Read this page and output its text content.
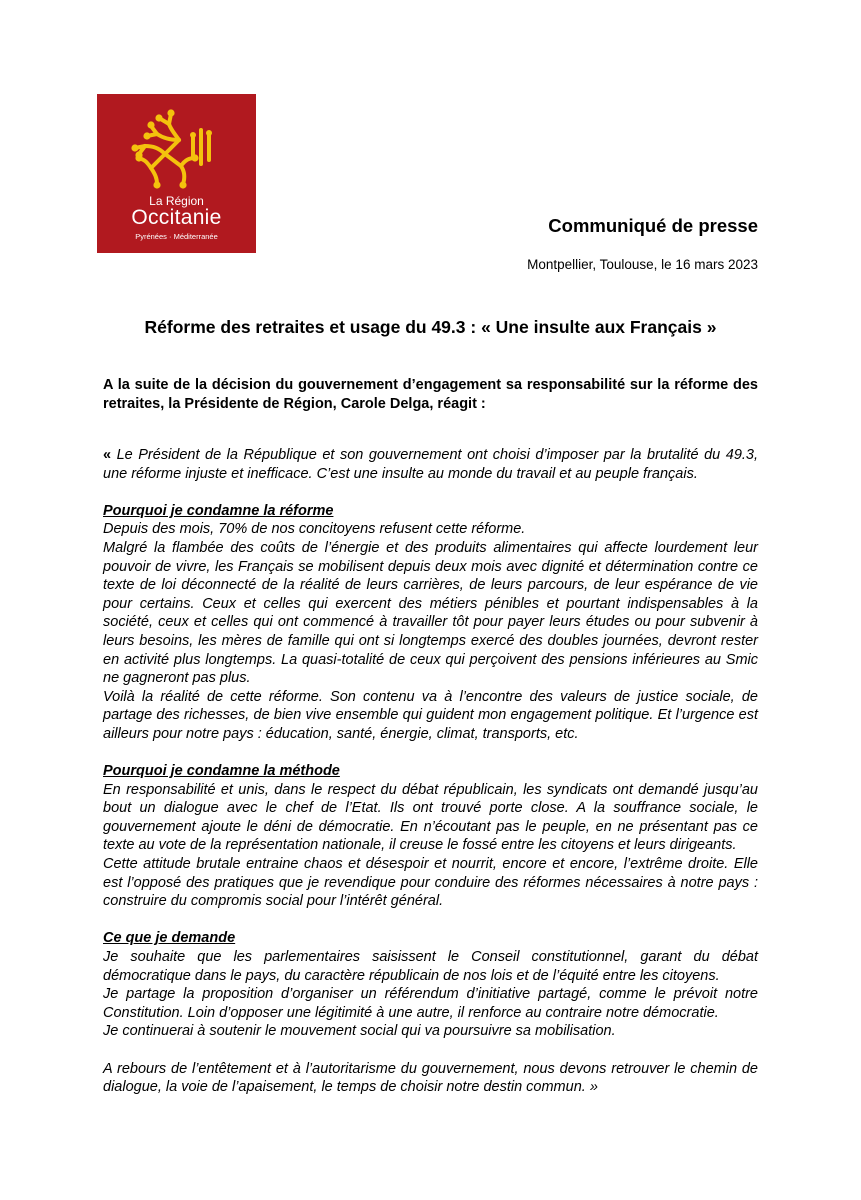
La Région
Occitanie
Pyrénées · Méditerranée
Communiqué de presse
Montpellier, Toulouse, le 16 mars 2023
Réforme des retraites et usage du 49.3 : « Une insulte aux Français »

A la suite de la décision du gouvernement d’engagement sa responsabilité sur la réforme des retraites, la Présidente de Région, Carole Delga, réagit :

« Le Président de la République et son gouvernement ont choisi d’imposer par la brutalité du 49.3, une réforme injuste et inefficace. C’est une insulte au monde du travail et au peuple français.

Pourquoi je condamne la réforme

Depuis des mois, 70% de nos concitoyens refusent cette réforme.

Malgré la flambée des coûts de l’énergie et des produits alimentaires qui affecte lourdement leur pouvoir de vivre, les Français se mobilisent depuis deux mois avec dignité et détermination contre ce texte de loi déconnecté de la réalité de leurs carrières, de leurs parcours, de leur espérance de vie pour certains. Ceux et celles qui exercent des métiers pénibles et pourtant indispensables à la société, ceux et celles qui ont commencé à travailler tôt pour payer leurs études ou pour subvenir à leurs besoins, les mères de famille qui ont si longtemps exercé des doubles journées, devront rester en activité plus longtemps. La quasi-totalité de ceux qui perçoivent des pensions inférieures au Smic ne gagneront pas plus.

Voilà la réalité de cette réforme. Son contenu va à l’encontre des valeurs de justice sociale, de partage des richesses, de bien vive ensemble qui guident mon engagement politique. Et l’urgence est ailleurs pour notre pays : éducation, santé, énergie, climat, transports, etc.

Pourquoi je condamne la méthode

En responsabilité et unis, dans le respect du débat républicain, les syndicats ont demandé jusqu’au bout un dialogue avec le chef de l’Etat. Ils ont trouvé porte close. A la souffrance sociale, le gouvernement ajoute le déni de démocratie. En n’écoutant pas le peuple, en ne présentant pas ce texte au vote de la représentation nationale, il creuse le fossé entre les citoyens et leurs dirigeants.

Cette attitude brutale entraine chaos et désespoir et nourrit, encore et encore, l’extrême droite. Elle est l’opposé des pratiques que je revendique pour conduire des réformes nécessaires à notre pays : construire du compromis social pour l’intérêt général.

Ce que je demande

Je souhaite que les parlementaires saisissent le Conseil constitutionnel, garant du débat démocratique dans le pays, du caractère républicain de nos lois et de l’équité entre les citoyens.

Je partage la proposition d’organiser un référendum d’initiative partagé, comme le prévoit notre Constitution. Loin d’opposer une légitimité à une autre, il renforce au contraire notre démocratie.

Je continuerai à soutenir le mouvement social qui va poursuivre sa mobilisation.

A rebours de l’entêtement et à l’autoritarisme du gouvernement, nous devons retrouver le chemin de dialogue, la voie de l’apaisement, le temps de choisir notre destin commun. »
